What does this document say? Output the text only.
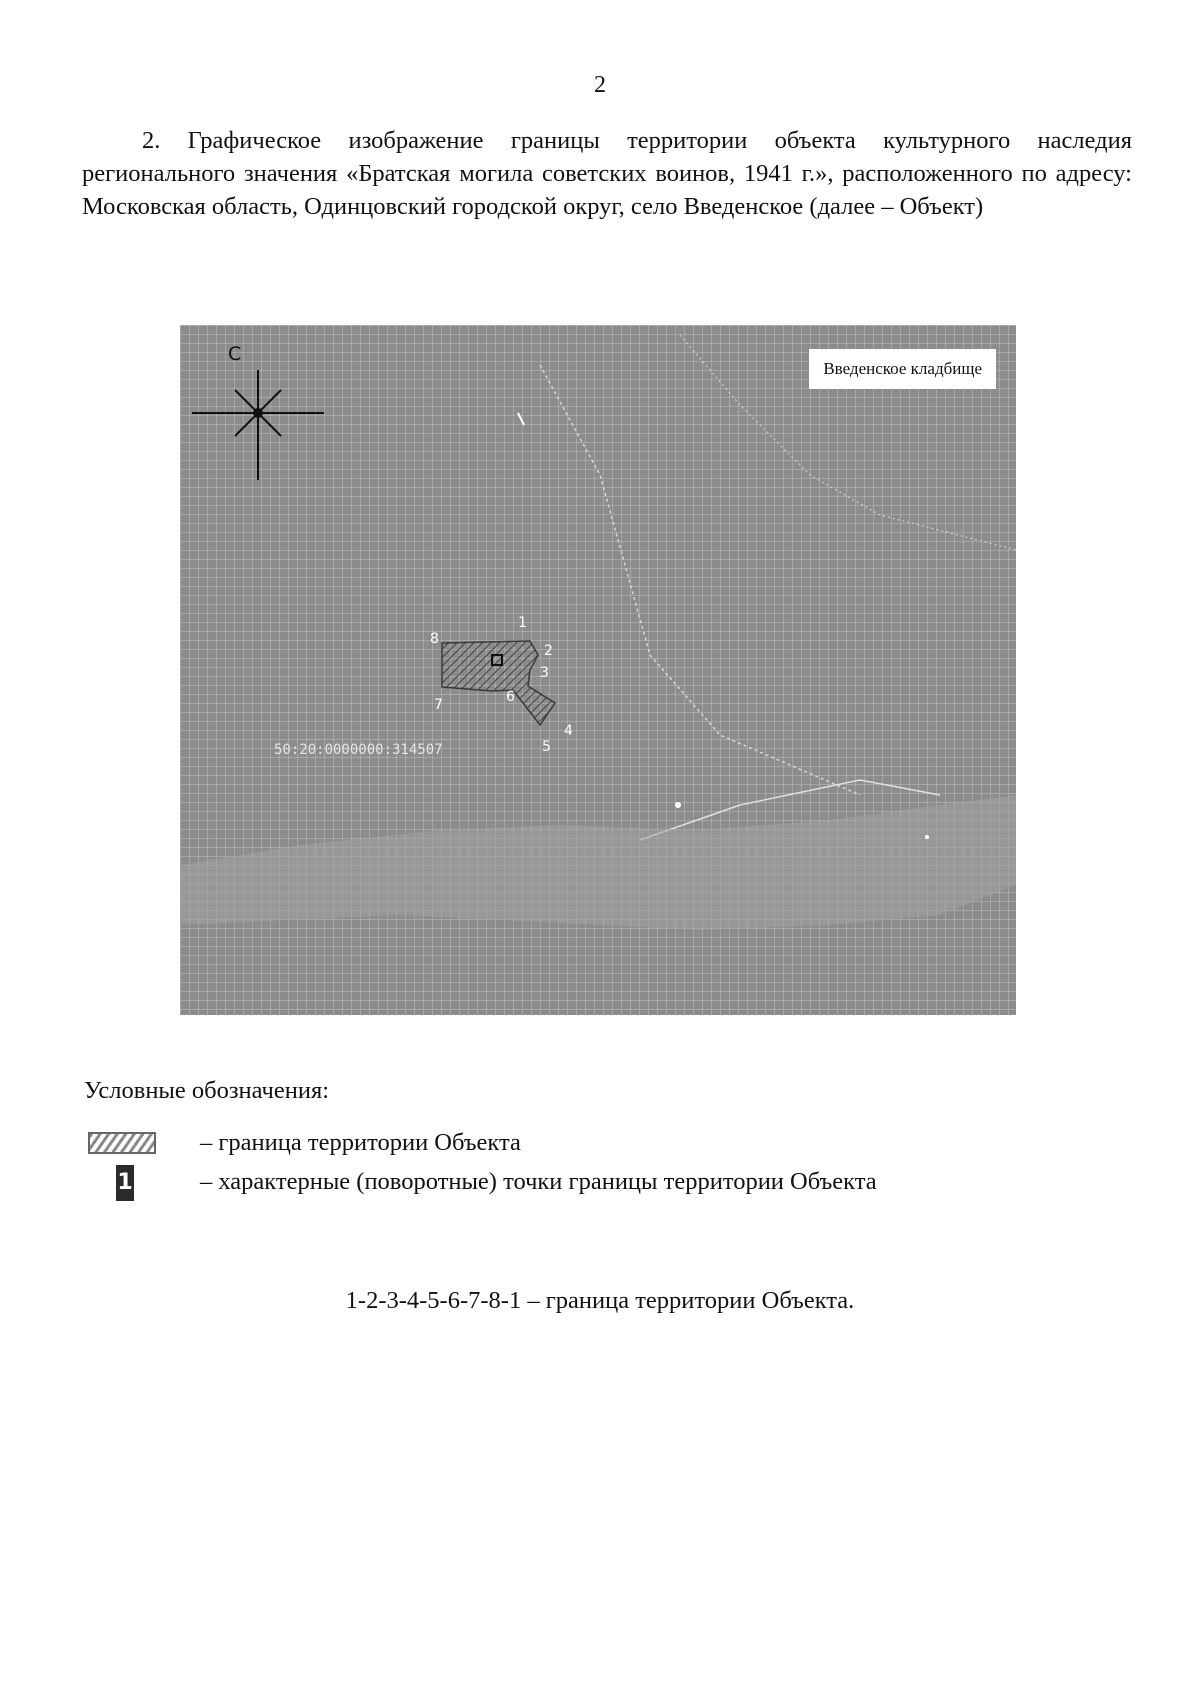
2

2. Графическое изображение границы территории объекта культурного наследия регионального значения «Братская могила советских воинов, 1941 г.», расположенного по адресу: Московская область, Одинцовский городской округ, село Введенское (далее – Объект)

Введенское кладбище
С
50:20:0000000:314507
1
2
3
4
5
6
7
8
Условные обозначения:
– граница территории Объекта
1	– характерные (поворотные) точки границы территории Объекта
1-2-3-4-5-6-7-8-1 – граница территории Объекта.
